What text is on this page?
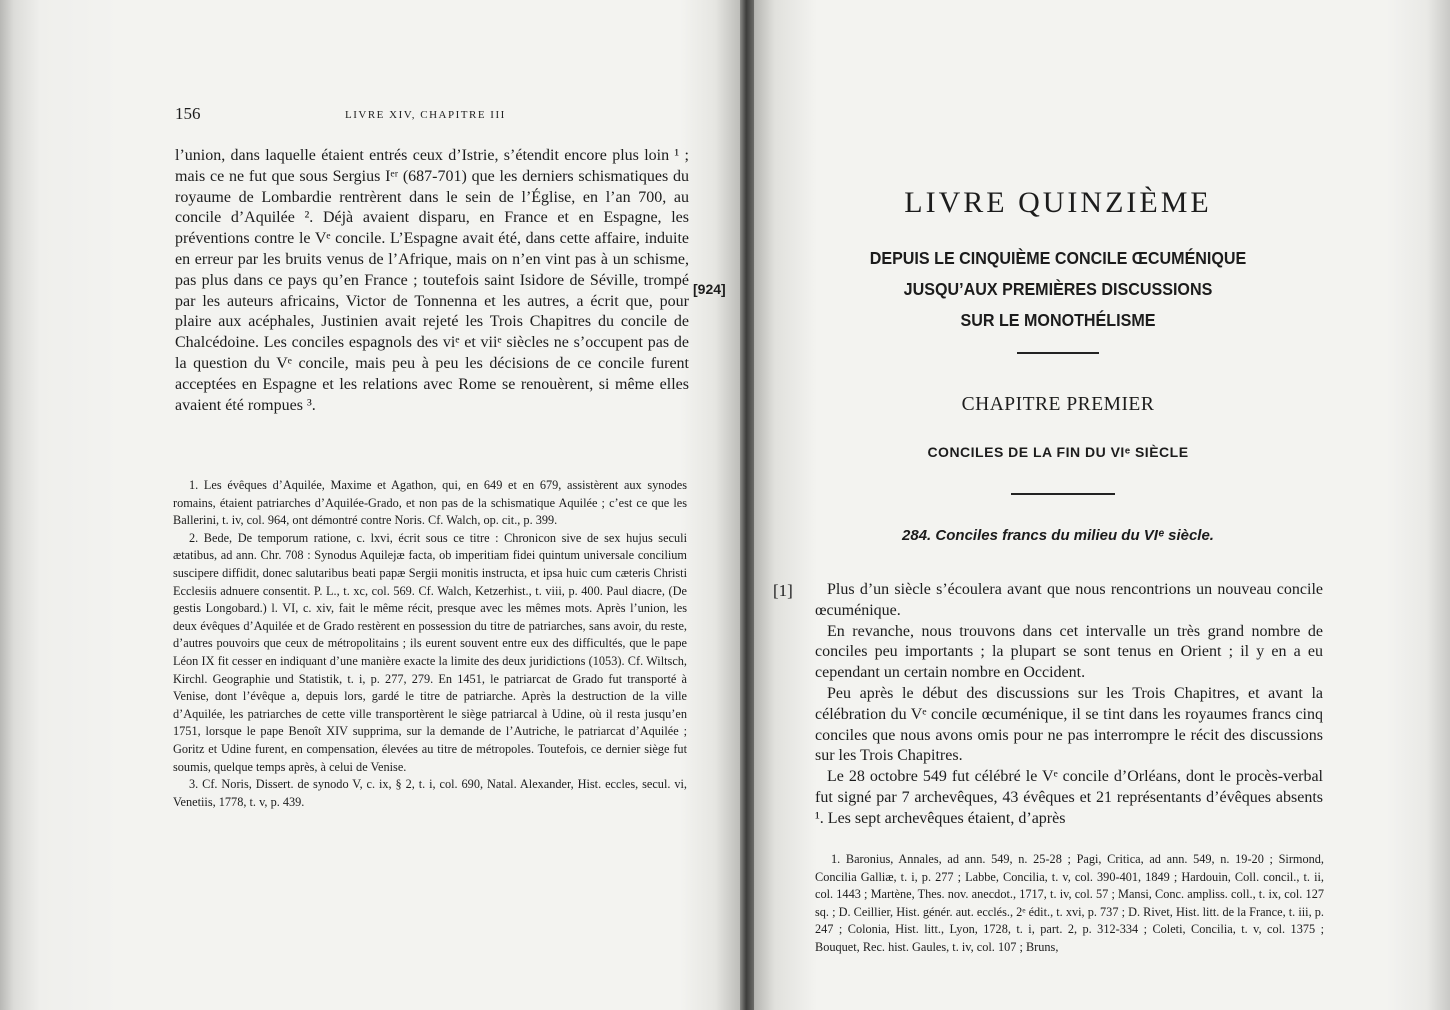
156	LIVRE XIV, CHAPITRE III

l’union, dans laquelle étaient entrés ceux d’Istrie, s’étendit encore plus loin ¹ ; mais ce ne fut que sous Sergius Iᵉʳ (687-701) que les derniers schismatiques du royaume de Lombardie rentrèrent dans le sein de l’Église, en l’an 700, au concile d’Aquilée ². Déjà avaient disparu, en France et en Espagne, les préventions contre le Vᵉ concile. L’Espagne avait été, dans cette affaire, induite en erreur par les bruits venus de l’Afrique, mais on n’en vint pas à un schisme, pas plus dans ce pays qu’en France ; toutefois saint Isidore de Séville, trompé par les auteurs africains, Victor de Tonnenna et les autres, a écrit que, pour plaire aux acéphales, Justinien avait rejeté les Trois Chapitres du concile de Chalcédoine. Les conciles espagnols des viᵉ et viiᵉ siècles ne s’occupent pas de la question du Vᵉ concile, mais peu à peu les décisions de ce concile furent acceptées en Espagne et les relations avec Rome se renouèrent, si même elles avaient été rompues ³.

[924]

1. Les évêques d’Aquilée, Maxime et Agathon, qui, en 649 et en 679, assistèrent aux synodes romains, étaient patriarches d’Aquilée-Grado, et non pas de la schismatique Aquilée ; c’est ce que les Ballerini, t. iv, col. 964, ont démontré contre Noris. Cf. Walch, op. cit., p. 399.

2. Bede, De temporum ratione, c. lxvi, écrit sous ce titre : Chronicon sive de sex hujus seculi ætatibus, ad ann. Chr. 708 : Synodus Aquilejæ facta, ob imperitiam fidei quintum universale concilium suscipere diffidit, donec salutaribus beati papæ Sergii monitis instructa, et ipsa huic cum cæteris Christi Ecclesiis adnuere consentit. P. L., t. xc, col. 569. Cf. Walch, Ketzerhist., t. viii, p. 400. Paul diacre, (De gestis Longobard.) l. VI, c. xiv, fait le même récit, presque avec les mêmes mots. Après l’union, les deux évêques d’Aquilée et de Grado restèrent en possession du titre de patriarches, sans avoir, du reste, d’autres pouvoirs que ceux de métropolitains ; ils eurent souvent entre eux des difficultés, que le pape Léon IX fit cesser en indiquant d’une manière exacte la limite des deux juridictions (1053). Cf. Wiltsch, Kirchl. Geographie und Statistik, t. i, p. 277, 279. En 1451, le patriarcat de Grado fut transporté à Venise, dont l’évêque a, depuis lors, gardé le titre de patriarche. Après la destruction de la ville d’Aquilée, les patriarches de cette ville transportèrent le siège patriarcal à Udine, où il resta jusqu’en 1751, lorsque le pape Benoît XIV supprima, sur la demande de l’Autriche, le patriarcat d’Aquilée ; Goritz et Udine furent, en compensation, élevées au titre de métropoles. Toutefois, ce dernier siège fut soumis, quelque temps après, à celui de Venise.

3. Cf. Noris, Dissert. de synodo V, c. ix, § 2, t. i, col. 690, Natal. Alexander, Hist. eccles, secul. vi, Venetiis, 1778, t. v, p. 439.

LIVRE QUINZIÈME
DEPUIS LE CINQUIÈME CONCILE ŒCUMÉNIQUE
JUSQU’AUX PREMIÈRES DISCUSSIONS
SUR LE MONOTHÉLISME
CHAPITRE PREMIER
CONCILES DE LA FIN DU VIᵉ SIÈCLE
284. Conciles francs du milieu du VIᵉ siècle.
[1]	Plus d’un siècle s’écoulera avant que nous rencontrions un nouveau concile œcuménique.

En revanche, nous trouvons dans cet intervalle un très grand nombre de conciles peu importants ; la plupart se sont tenus en Orient ; il y en a eu cependant un certain nombre en Occident.

Peu après le début des discussions sur les Trois Chapitres, et avant la célébration du Vᵉ concile œcuménique, il se tint dans les royaumes francs cinq conciles que nous avons omis pour ne pas interrompre le récit des discussions sur les Trois Chapitres.

Le 28 octobre 549 fut célébré le Vᵉ concile d’Orléans, dont le procès-verbal fut signé par 7 archevêques, 43 évêques et 21 représentants d’évêques absents ¹. Les sept archevêques étaient, d’après

1. Baronius, Annales, ad ann. 549, n. 25-28 ; Pagi, Critica, ad ann. 549, n. 19-20 ; Sirmond, Concilia Galliæ, t. i, p. 277 ; Labbe, Concilia, t. v, col. 390-401, 1849 ; Hardouin, Coll. concil., t. ii, col. 1443 ; Martène, Thes. nov. anecdot., 1717, t. iv, col. 57 ; Mansi, Conc. ampliss. coll., t. ix, col. 127 sq. ; D. Ceillier, Hist. génér. aut. ecclés., 2ᵉ édit., t. xvi, p. 737 ; D. Rivet, Hist. litt. de la France, t. iii, p. 247 ; Colonia, Hist. litt., Lyon, 1728, t. i, part. 2, p. 312-334 ; Coleti, Concilia, t. v, col. 1375 ; Bouquet, Rec. hist. Gaules, t. iv, col. 107 ; Bruns,
